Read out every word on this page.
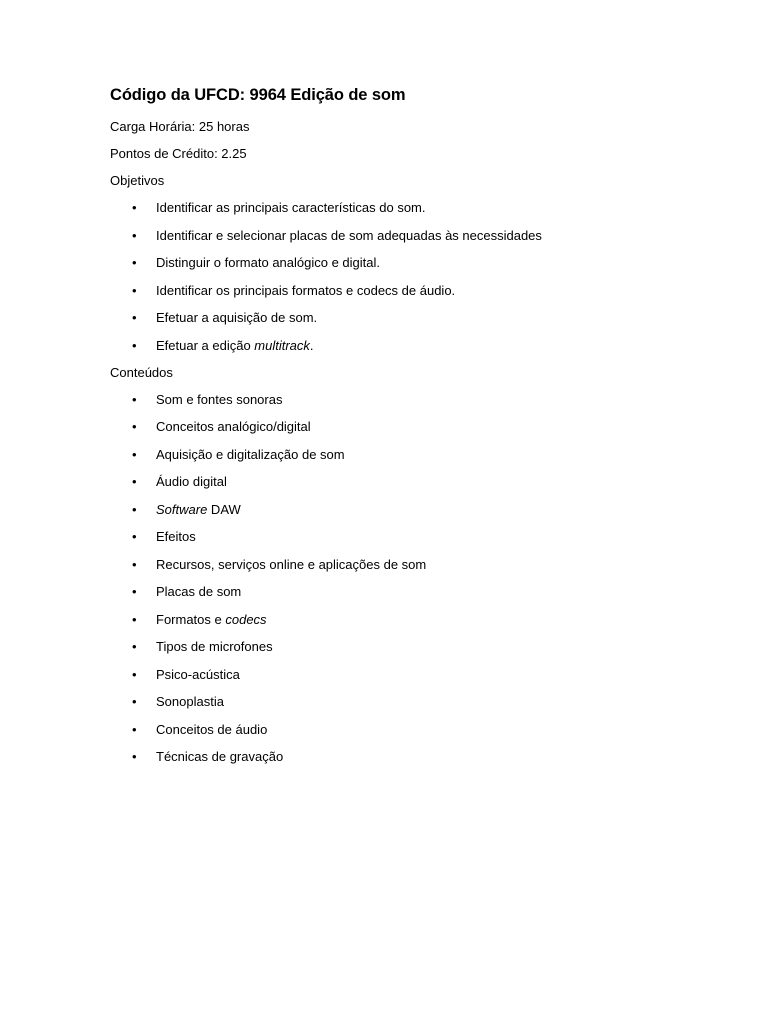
Código da UFCD: 9964 Edição de som

Carga Horária: 25 horas

Pontos de Crédito: 2.25

Objetivos

• Identificar as principais características do som.
• Identificar e selecionar placas de som adequadas às necessidades
• Distinguir o formato analógico e digital.
• Identificar os principais formatos e codecs de áudio.
• Efetuar a aquisição de som.
• Efetuar a edição multitrack.

Conteúdos

• Som e fontes sonoras
• Conceitos analógico/digital
• Aquisição e digitalização de som
• Áudio digital
• Software DAW
• Efeitos
• Recursos, serviços online e aplicações de som
• Placas de som
• Formatos e codecs
• Tipos de microfones
• Psico-acústica
• Sonoplastia
• Conceitos de áudio
• Técnicas de gravação
